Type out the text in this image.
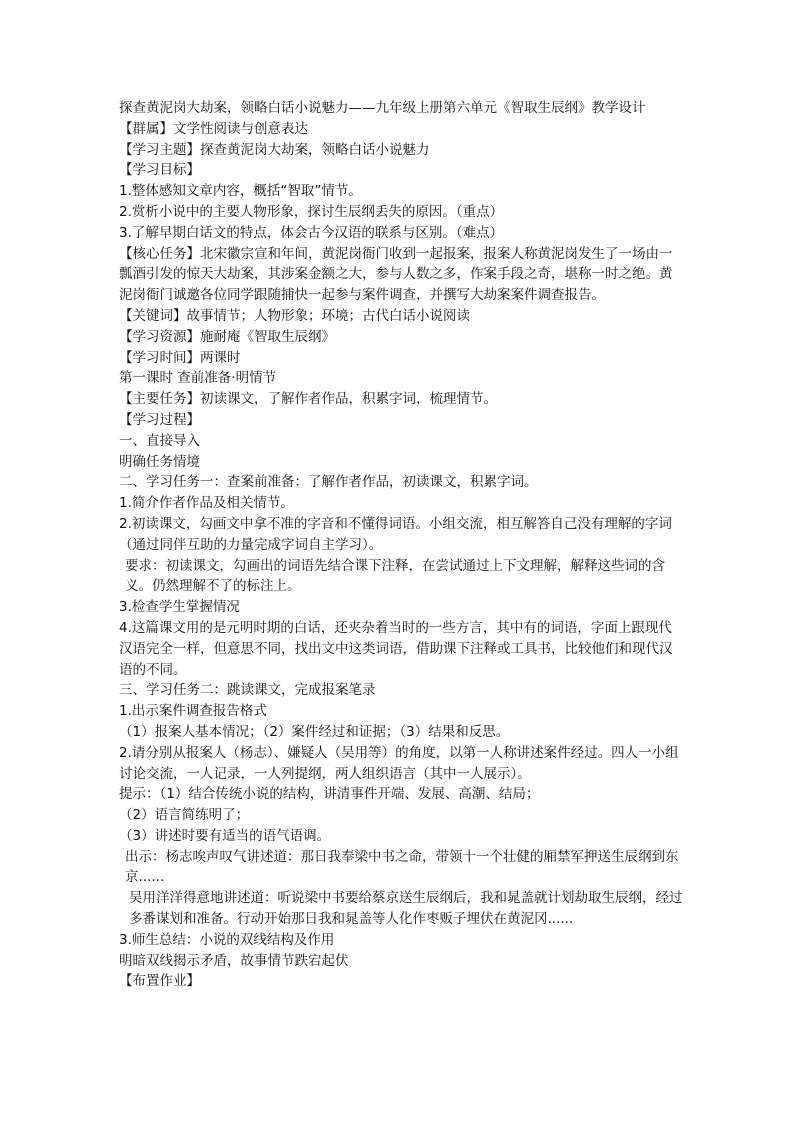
探查黄泥岗大劫案，领略白话小说魅力——九年级上册第六单元《智取生辰纲》教学设计

【群属】文学性阅读与创意表达

【学习主题】探查黄泥岗大劫案，领略白话小说魅力

【学习目标】

1.整体感知文章内容，概括“智取”情节。

2.赏析小说中的主要人物形象，探讨生辰纲丢失的原因。（重点）

3.了解早期白话文的特点，体会古今汉语的联系与区别。（难点）

【核心任务】北宋徽宗宣和年间，黄泥岗衙门收到一起报案，报案人称黄泥岗发生了一场由一瓢酒引发的惊天大劫案，其涉案金额之大，参与人数之多，作案手段之奇，堪称一时之绝。黄泥岗衙门诚邀各位同学跟随捕快一起参与案件调查，并撰写大劫案案件调查报告。

【关键词】故事情节；人物形象；环境；古代白话小说阅读

【学习资源】施耐庵《智取生辰纲》

【学习时间】两课时

第一课时 查前准备·明情节

【主要任务】初读课文，了解作者作品，积累字词，梳理情节。

【学习过程】

一、直接导入

明确任务情境

二、学习任务一：查案前准备：了解作者作品，初读课文，积累字词。

1.简介作者作品及相关情节。

2.初读课文，勾画文中拿不准的字音和不懂得词语。小组交流，相互解答自己没有理解的字词（通过同伴互助的力量完成字词自主学习）。

要求：初读课文，勾画出的词语先结合课下注释，在尝试通过上下文理解，解释这些词的含义。仍然理解不了的标注上。

3.检查学生掌握情况

4.这篇课文用的是元明时期的白话，还夹杂着当时的一些方言，其中有的词语，字面上跟现代汉语完全一样，但意思不同，找出文中这类词语，借助课下注释或工具书，比较他们和现代汉语的不同。

三、学习任务二：跳读课文，完成报案笔录

1.出示案件调查报告格式

（1）报案人基本情况；（2）案件经过和证据；（3）结果和反思。

2.请分别从报案人（杨志）、嫌疑人（吴用等）的角度，以第一人称讲述案件经过。四人一小组讨论交流，一人记录，一人列提纲，两人组织语言（其中一人展示）。

提示：（1）结合传统小说的结构，讲清事件开端、发展、高潮、结局；

（2）语言简练明了；

（3）讲述时要有适当的语气语调。

出示：杨志唉声叹气讲述道：那日我奉梁中书之命，带领十一个壮健的厢禁军押送生辰纲到东京......

吴用洋洋得意地讲述道：听说梁中书要给蔡京送生辰纲后，我和晁盖就计划劫取生辰纲，经过多番谋划和准备。行动开始那日我和晁盖等人化作枣贩子埋伏在黄泥冈......

3.师生总结：小说的双线结构及作用

明暗双线揭示矛盾，故事情节跌宕起伏

【布置作业】
